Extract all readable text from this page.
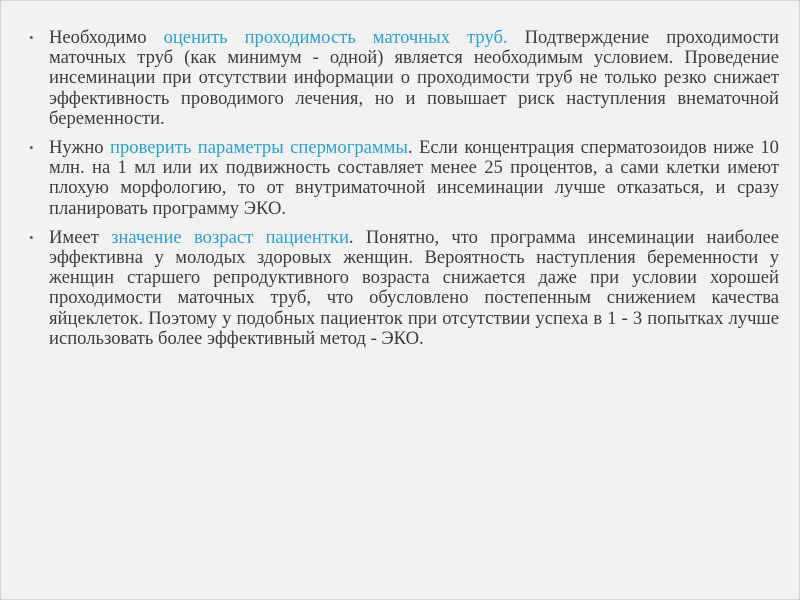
• Необходимо оценить проходимость маточных труб. Подтверждение проходимости маточных труб (как минимум - одной) является необходимым условием. Проведение инсеминации при отсутствии информации о проходимости труб не только резко снижает эффективность проводимого лечения, но и повышает риск наступления внематочной беременности.

• Нужно проверить параметры спермограммы. Если концентрация сперматозоидов ниже 10 млн. на 1 мл или их подвижность составляет менее 25 процентов, а сами клетки имеют плохую морфологию, то от внутриматочной инсеминации лучше отказаться, и сразу планировать программу ЭКО.

• Имеет значение возраст пациентки. Понятно, что программа инсеминации наиболее эффективна у молодых здоровых женщин. Вероятность наступления беременности у женщин старшего репродуктивного возраста снижается даже при условии хорошей проходимости маточных труб, что обусловлено постепенным снижением качества яйцеклеток. Поэтому у подобных пациенток при отсутствии успеха в 1 - 3 попытках лучше использовать более эффективный метод - ЭКО.
